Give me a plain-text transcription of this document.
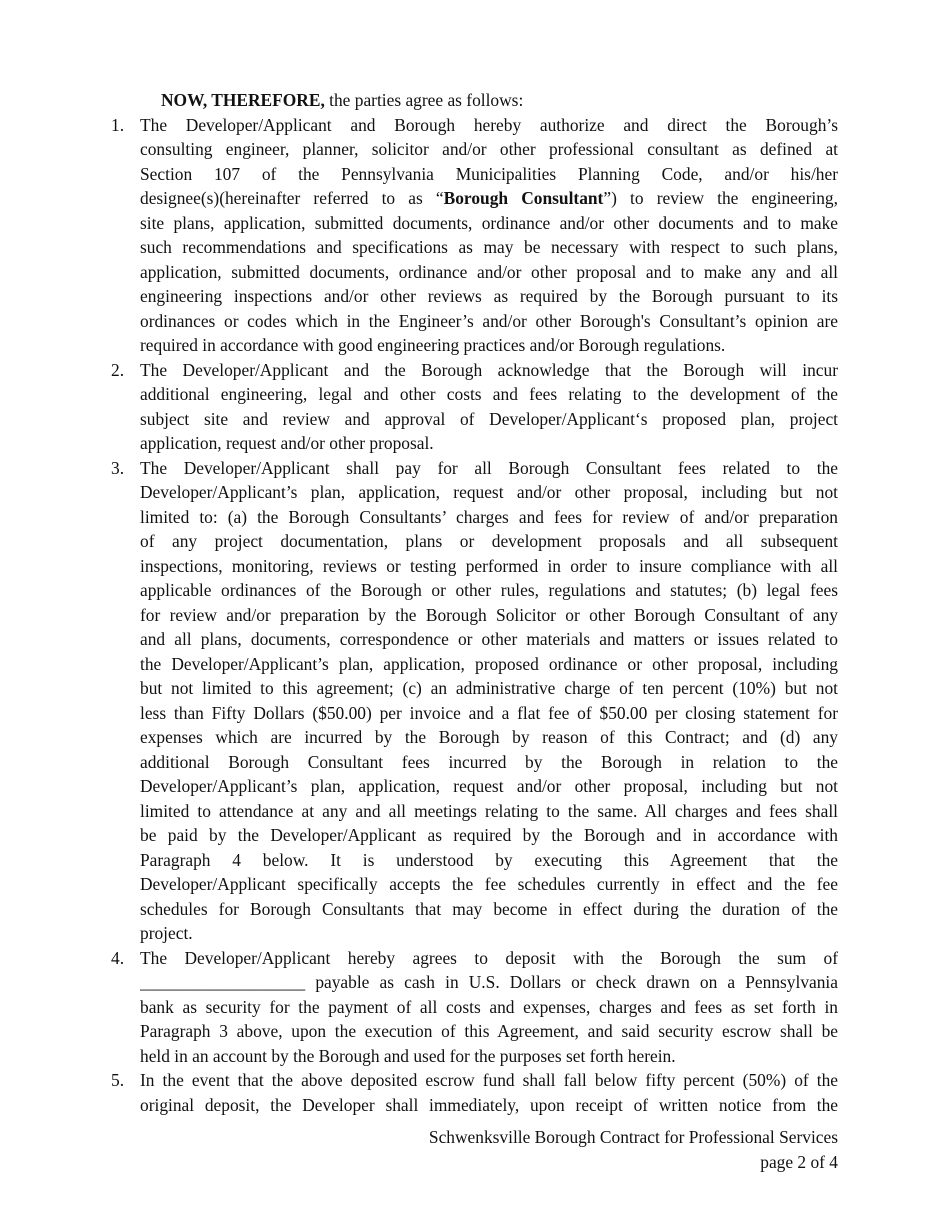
NOW, THEREFORE, the parties agree as follows:
1. The Developer/Applicant and Borough hereby authorize and direct the Borough’s
consulting engineer, planner, solicitor and/or other professional consultant as defined at
Section 107 of the Pennsylvania Municipalities Planning Code, and/or his/her
designee(s)(hereinafter referred to as “Borough Consultant”) to review the engineering,
site plans, application, submitted documents, ordinance and/or other documents and to make
such recommendations and specifications as may be necessary with respect to such plans,
application, submitted documents, ordinance and/or other proposal and to make any and all
engineering inspections and/or other reviews as required by the Borough pursuant to its
ordinances or codes which in the Engineer’s and/or other Borough's Consultant’s opinion are
required in accordance with good engineering practices and/or Borough regulations.
2. The Developer/Applicant and the Borough acknowledge that the Borough will incur
additional engineering, legal and other costs and fees relating to the development of the
subject site and review and approval of Developer/Applicant‘s proposed plan, project
application, request and/or other proposal.
3. The Developer/Applicant shall pay for all Borough Consultant fees related to the
Developer/Applicant’s plan, application, request and/or other proposal, including but not
limited to: (a) the Borough Consultants’ charges and fees for review of and/or preparation
of any project documentation, plans or development proposals and all subsequent
inspections, monitoring, reviews or testing performed in order to insure compliance with all
applicable ordinances of the Borough or other rules, regulations and statutes; (b) legal fees
for review and/or preparation by the Borough Solicitor or other Borough Consultant of any
and all plans, documents, correspondence or other materials and matters or issues related to
the Developer/Applicant’s plan, application, proposed ordinance or other proposal, including
but not limited to this agreement; (c) an administrative charge of ten percent (10%) but not
less than Fifty Dollars ($50.00) per invoice and a flat fee of $50.00 per closing statement for
expenses which are incurred by the Borough by reason of this Contract; and (d) any
additional Borough Consultant fees incurred by the Borough in relation to the
Developer/Applicant’s plan, application, request and/or other proposal, including but not
limited to attendance at any and all meetings relating to the same. All charges and fees shall
be paid by the Developer/Applicant as required by the Borough and in accordance with
Paragraph 4 below. It is understood by executing this Agreement that the
Developer/Applicant specifically accepts the fee schedules currently in effect and the fee
schedules for Borough Consultants that may become in effect during the duration of the
project.
4. The Developer/Applicant hereby agrees to deposit with the Borough the sum of
___________________ payable as cash in U.S. Dollars or check drawn on a Pennsylvania
bank as security for the payment of all costs and expenses, charges and fees as set forth in
Paragraph 3 above, upon the execution of this Agreement, and said security escrow shall be
held in an account by the Borough and used for the purposes set forth herein.
5. In the event that the above deposited escrow fund shall fall below fifty percent (50%) of the
original deposit, the Developer shall immediately, upon receipt of written notice from the
Schwenksville Borough Contract for Professional Services
page 2 of 4
